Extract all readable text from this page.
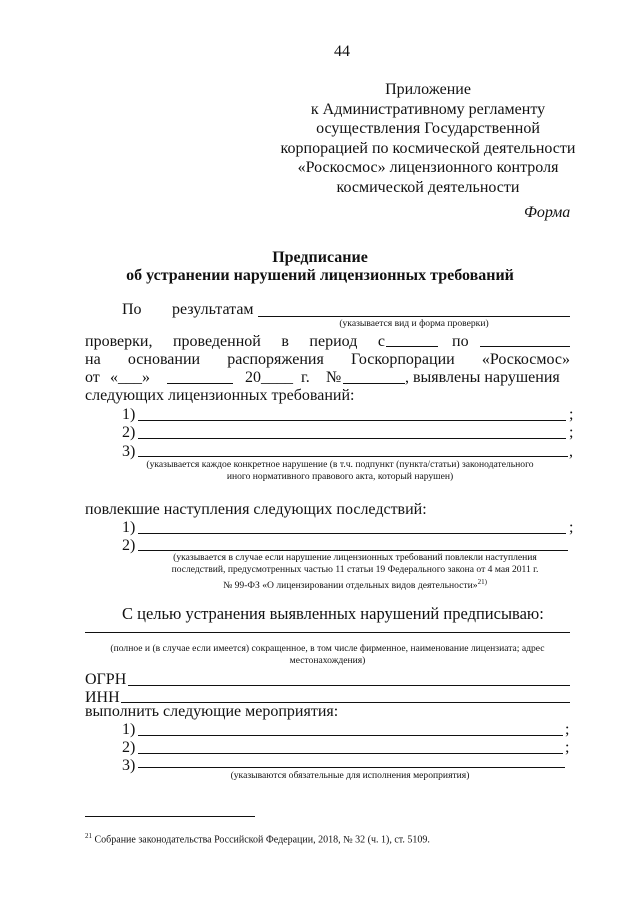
44
Приложение
к Административному регламенту
осуществления Государственной
корпорацией по космической деятельности
«Роскосмос» лицензионного контроля
космической деятельности
Форма
Предписание
об устранении нарушений лицензионных требований
По результатам
(указывается вид и форма проверки)
проверки, проведенной в период с	по
на основании распоряжения Госкорпорации «Роскосмос»
от «___»	20____ г. №	, выявлены нарушения
следующих лицензионных требований:
1)	;
2)	;
3)	,
(указывается каждое конкретное нарушение (в т.ч. подпункт (пункта/статьи) законодательного
иного нормативного правового акта, который нарушен)
повлекшие наступления следующих последствий:
1)	;
2)
(указывается в случае если нарушение лицензионных требований повлекли наступления
последствий, предусмотренных частью 11 статьи 19 Федерального закона от 4 мая 2011 г.
№ 99-ФЗ «О лицензировании отдельных видов деятельности»$^{21)}$
С целью устранения выявленных нарушений предписываю:
(полное и (в случае если имеется) сокращенное, в том числе фирменное, наименование лицензиата; адрес
местонахождения)
ОГРН
ИНН
выполнить следующие мероприятия:
1)	;
2)	;
3)
(указываются обязательные для исполнения мероприятия)
$^{21}$ Собрание законодательства Российской Федерации, 2018, № 32 (ч. 1), ст. 5109.
